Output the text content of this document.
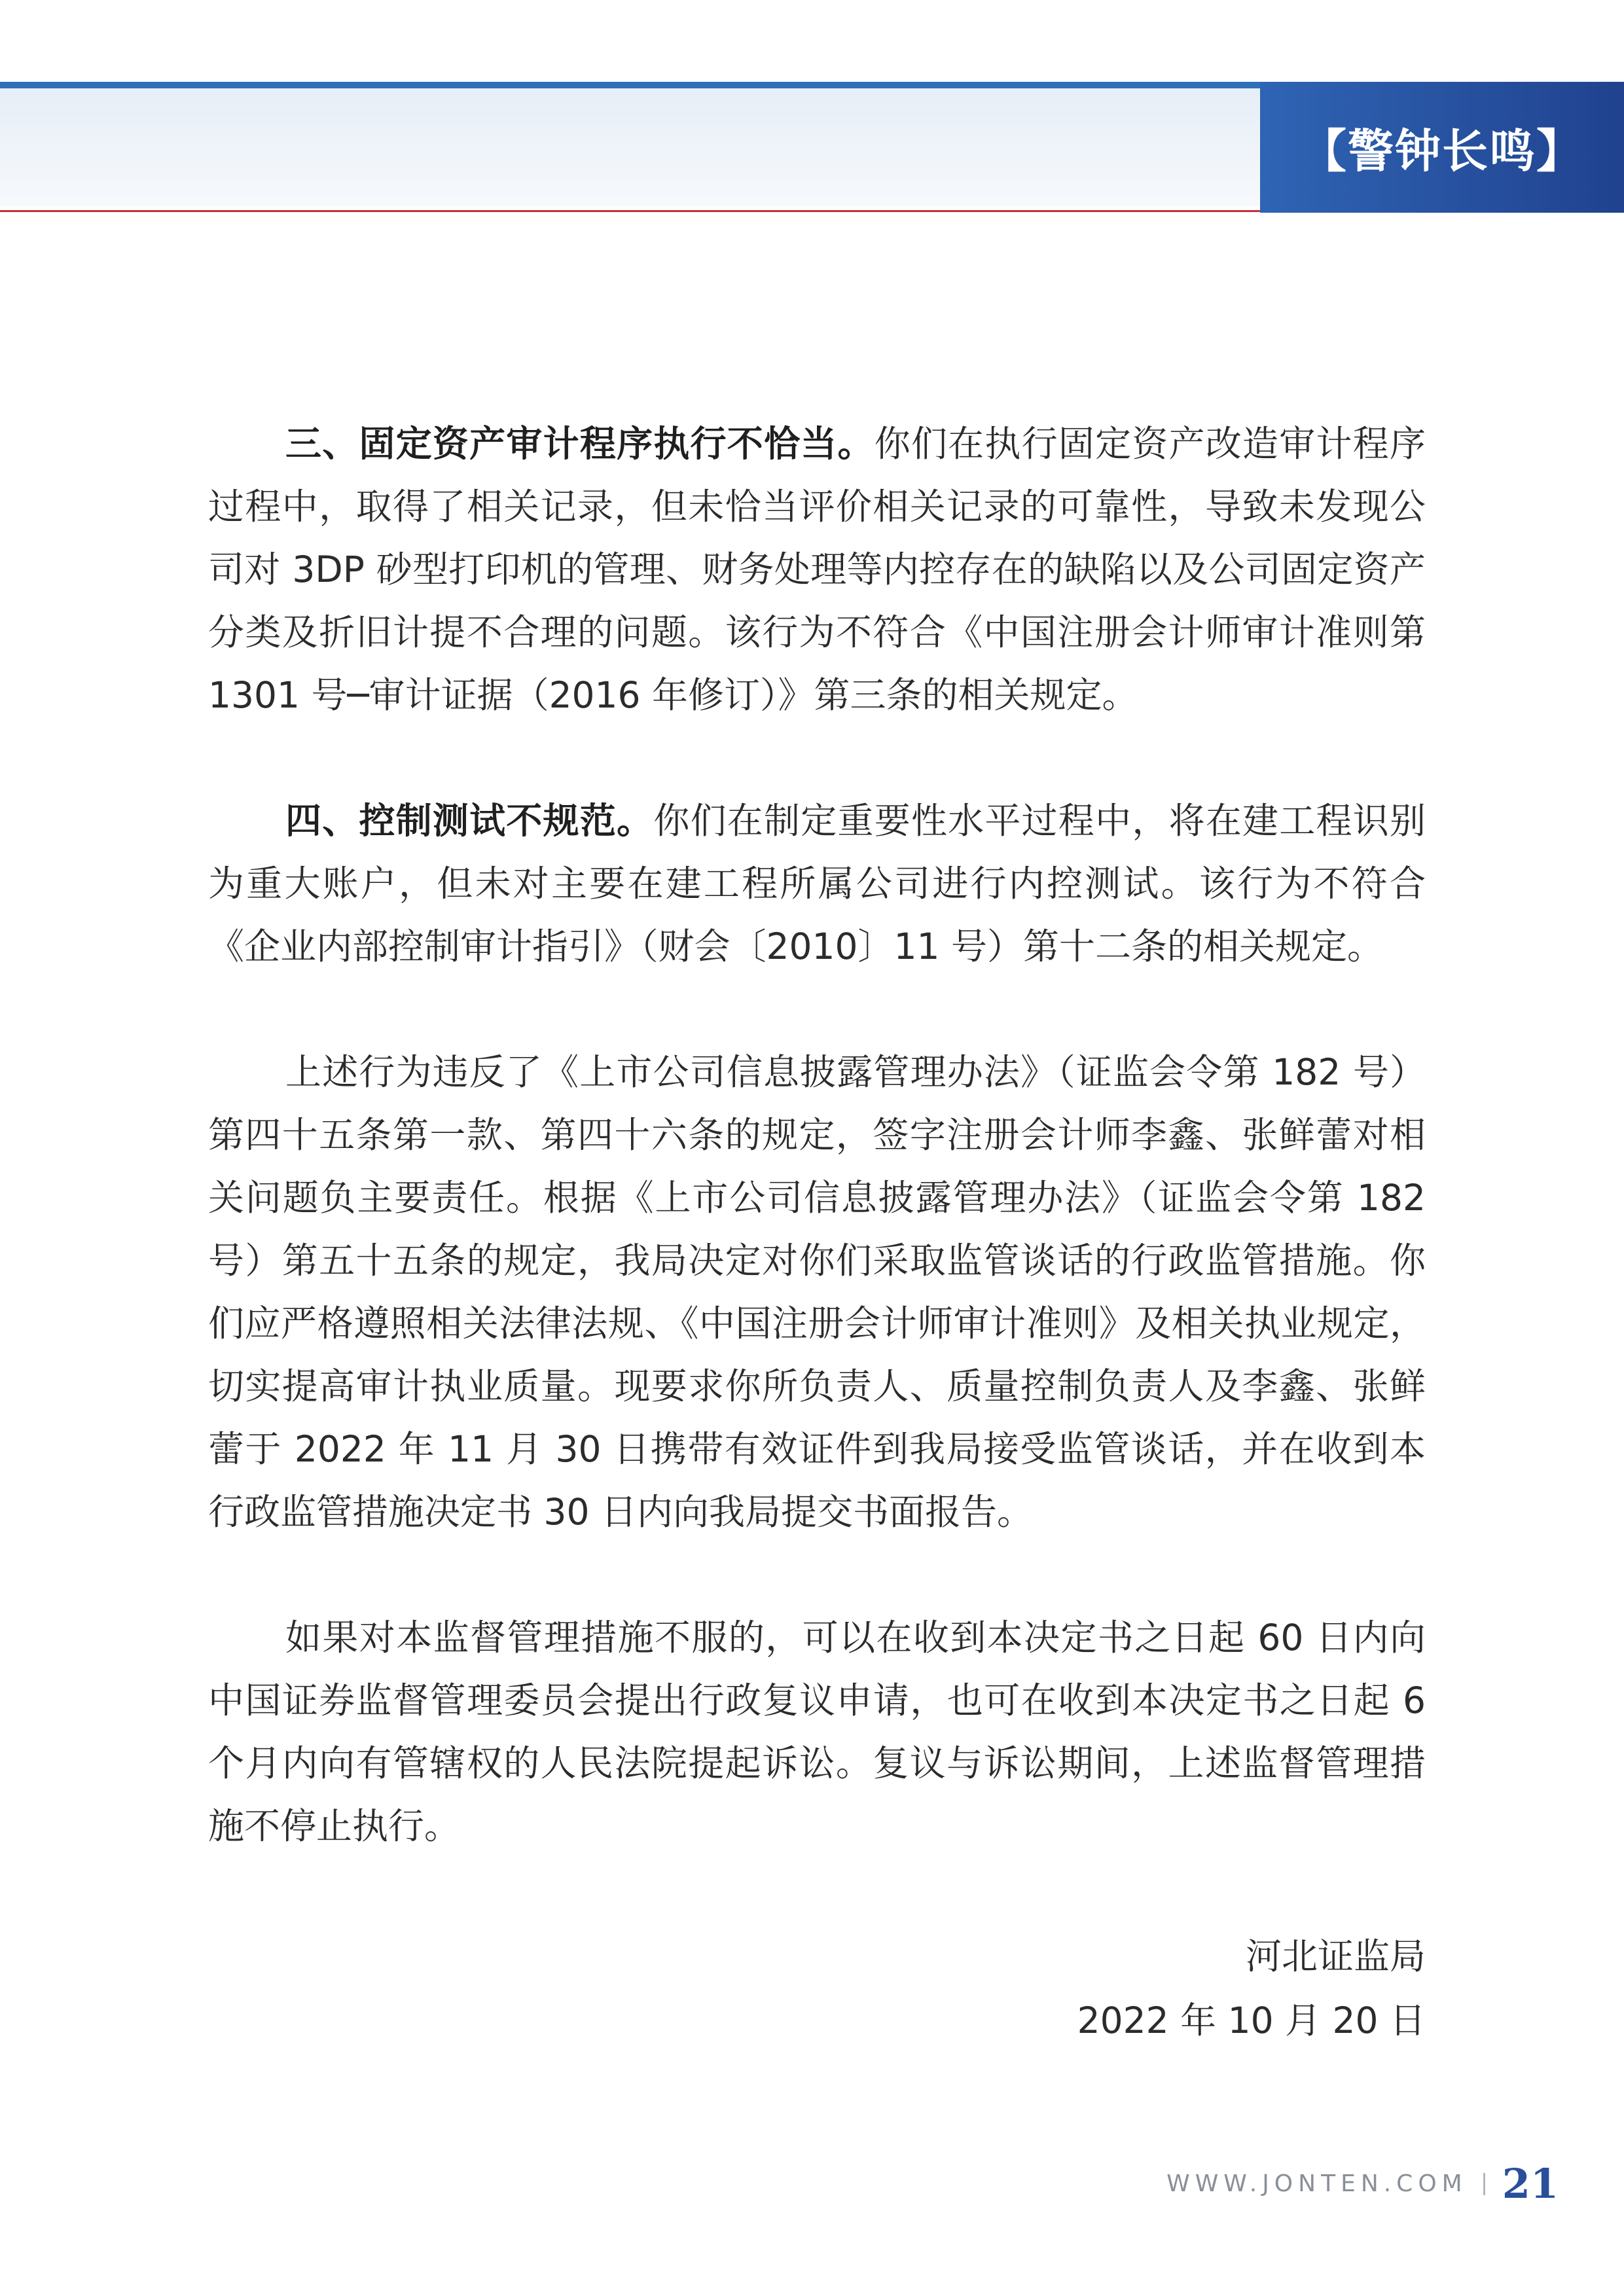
【警钟长鸣】

三、固定资产审计程序执行不恰当。你们在执行固定资产改造审计程序过程中，取得了相关记录，但未恰当评价相关记录的可靠性，导致未发现公司对 3DP 砂型打印机的管理、财务处理等内控存在的缺陷以及公司固定资产分类及折旧计提不合理的问题。该行为不符合《中国注册会计师审计准则第 1301 号─审计证据（2016 年修订）》第三条的相关规定。

四、控制测试不规范。你们在制定重要性水平过程中，将在建工程识别为重大账户，但未对主要在建工程所属公司进行内控测试。该行为不符合《企业内部控制审计指引》（财会〔2010〕11 号）第十二条的相关规定。

上述行为违反了《上市公司信息披露管理办法》（证监会令第 182 号）第四十五条第一款、第四十六条的规定，签字注册会计师李鑫、张鲜蕾对相关问题负主要责任。根据《上市公司信息披露管理办法》（证监会令第 182 号）第五十五条的规定，我局决定对你们采取监管谈话的行政监管措施。你们应严格遵照相关法律法规、《中国注册会计师审计准则》及相关执业规定，切实提高审计执业质量。现要求你所负责人、质量控制负责人及李鑫、张鲜蕾于 2022 年 11 月 30 日携带有效证件到我局接受监管谈话，并在收到本行政监管措施决定书 30 日内向我局提交书面报告。

如果对本监督管理措施不服的，可以在收到本决定书之日起 60 日内向中国证券监督管理委员会提出行政复议申请，也可在收到本决定书之日起 6 个月内向有管辖权的人民法院提起诉讼。复议与诉讼期间，上述监督管理措施不停止执行。

河北证监局
2022 年 10 月 20 日
WWW.JONTEN.COM 21
